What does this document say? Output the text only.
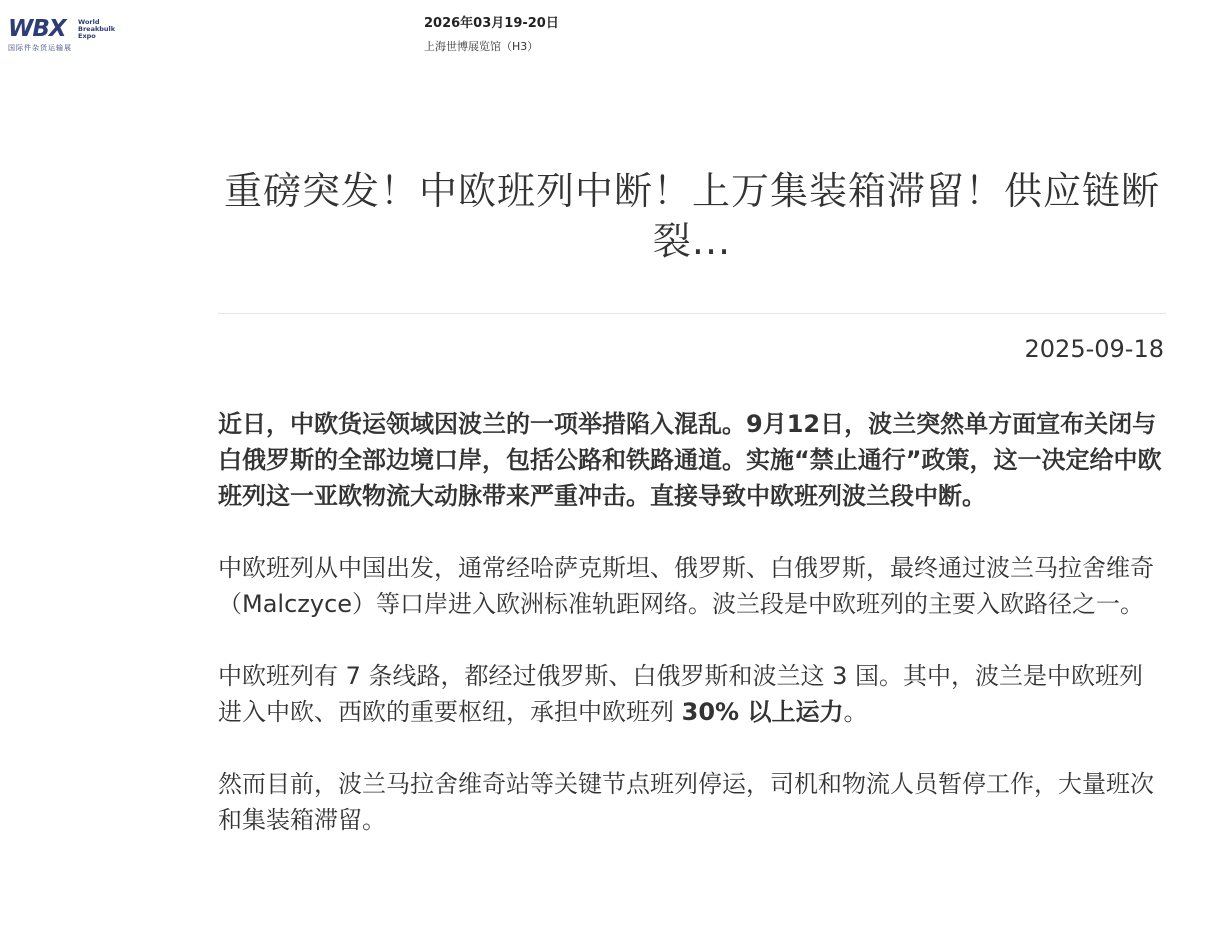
WBX World
Breakbulk
Expo
国际件杂货运输展
2026年03月19-20日
上海世博展览馆（H3）
重磅突发！中欧班列中断！上万集装箱滞留！供应链断裂...
2025-09-18

近日，中欧货运领域因波兰的一项举措陷入混乱。9月12日，波兰突然单方面宣布关闭与白俄罗斯的全部边境口岸，包括公路和铁路通道。实施“禁止通行”政策，这一决定给中欧班列这一亚欧物流大动脉带来严重冲击。直接导致中欧班列波兰段中断。

中欧班列从中国出发，通常经哈萨克斯坦、俄罗斯、白俄罗斯，最终通过波兰马拉舍维奇（Malczyce）等口岸进入欧洲标准轨距网络。波兰段是中欧班列的主要入欧路径之一。

中欧班列有 7 条线路，都经过俄罗斯、白俄罗斯和波兰这 3 国。其中，波兰是中欧班列进入中欧、西欧的重要枢纽，承担中欧班列 30% 以上运力。

然而目前，波兰马拉舍维奇站等关键节点班列停运，司机和物流人员暂停工作，大量班次和集装箱滞留。
